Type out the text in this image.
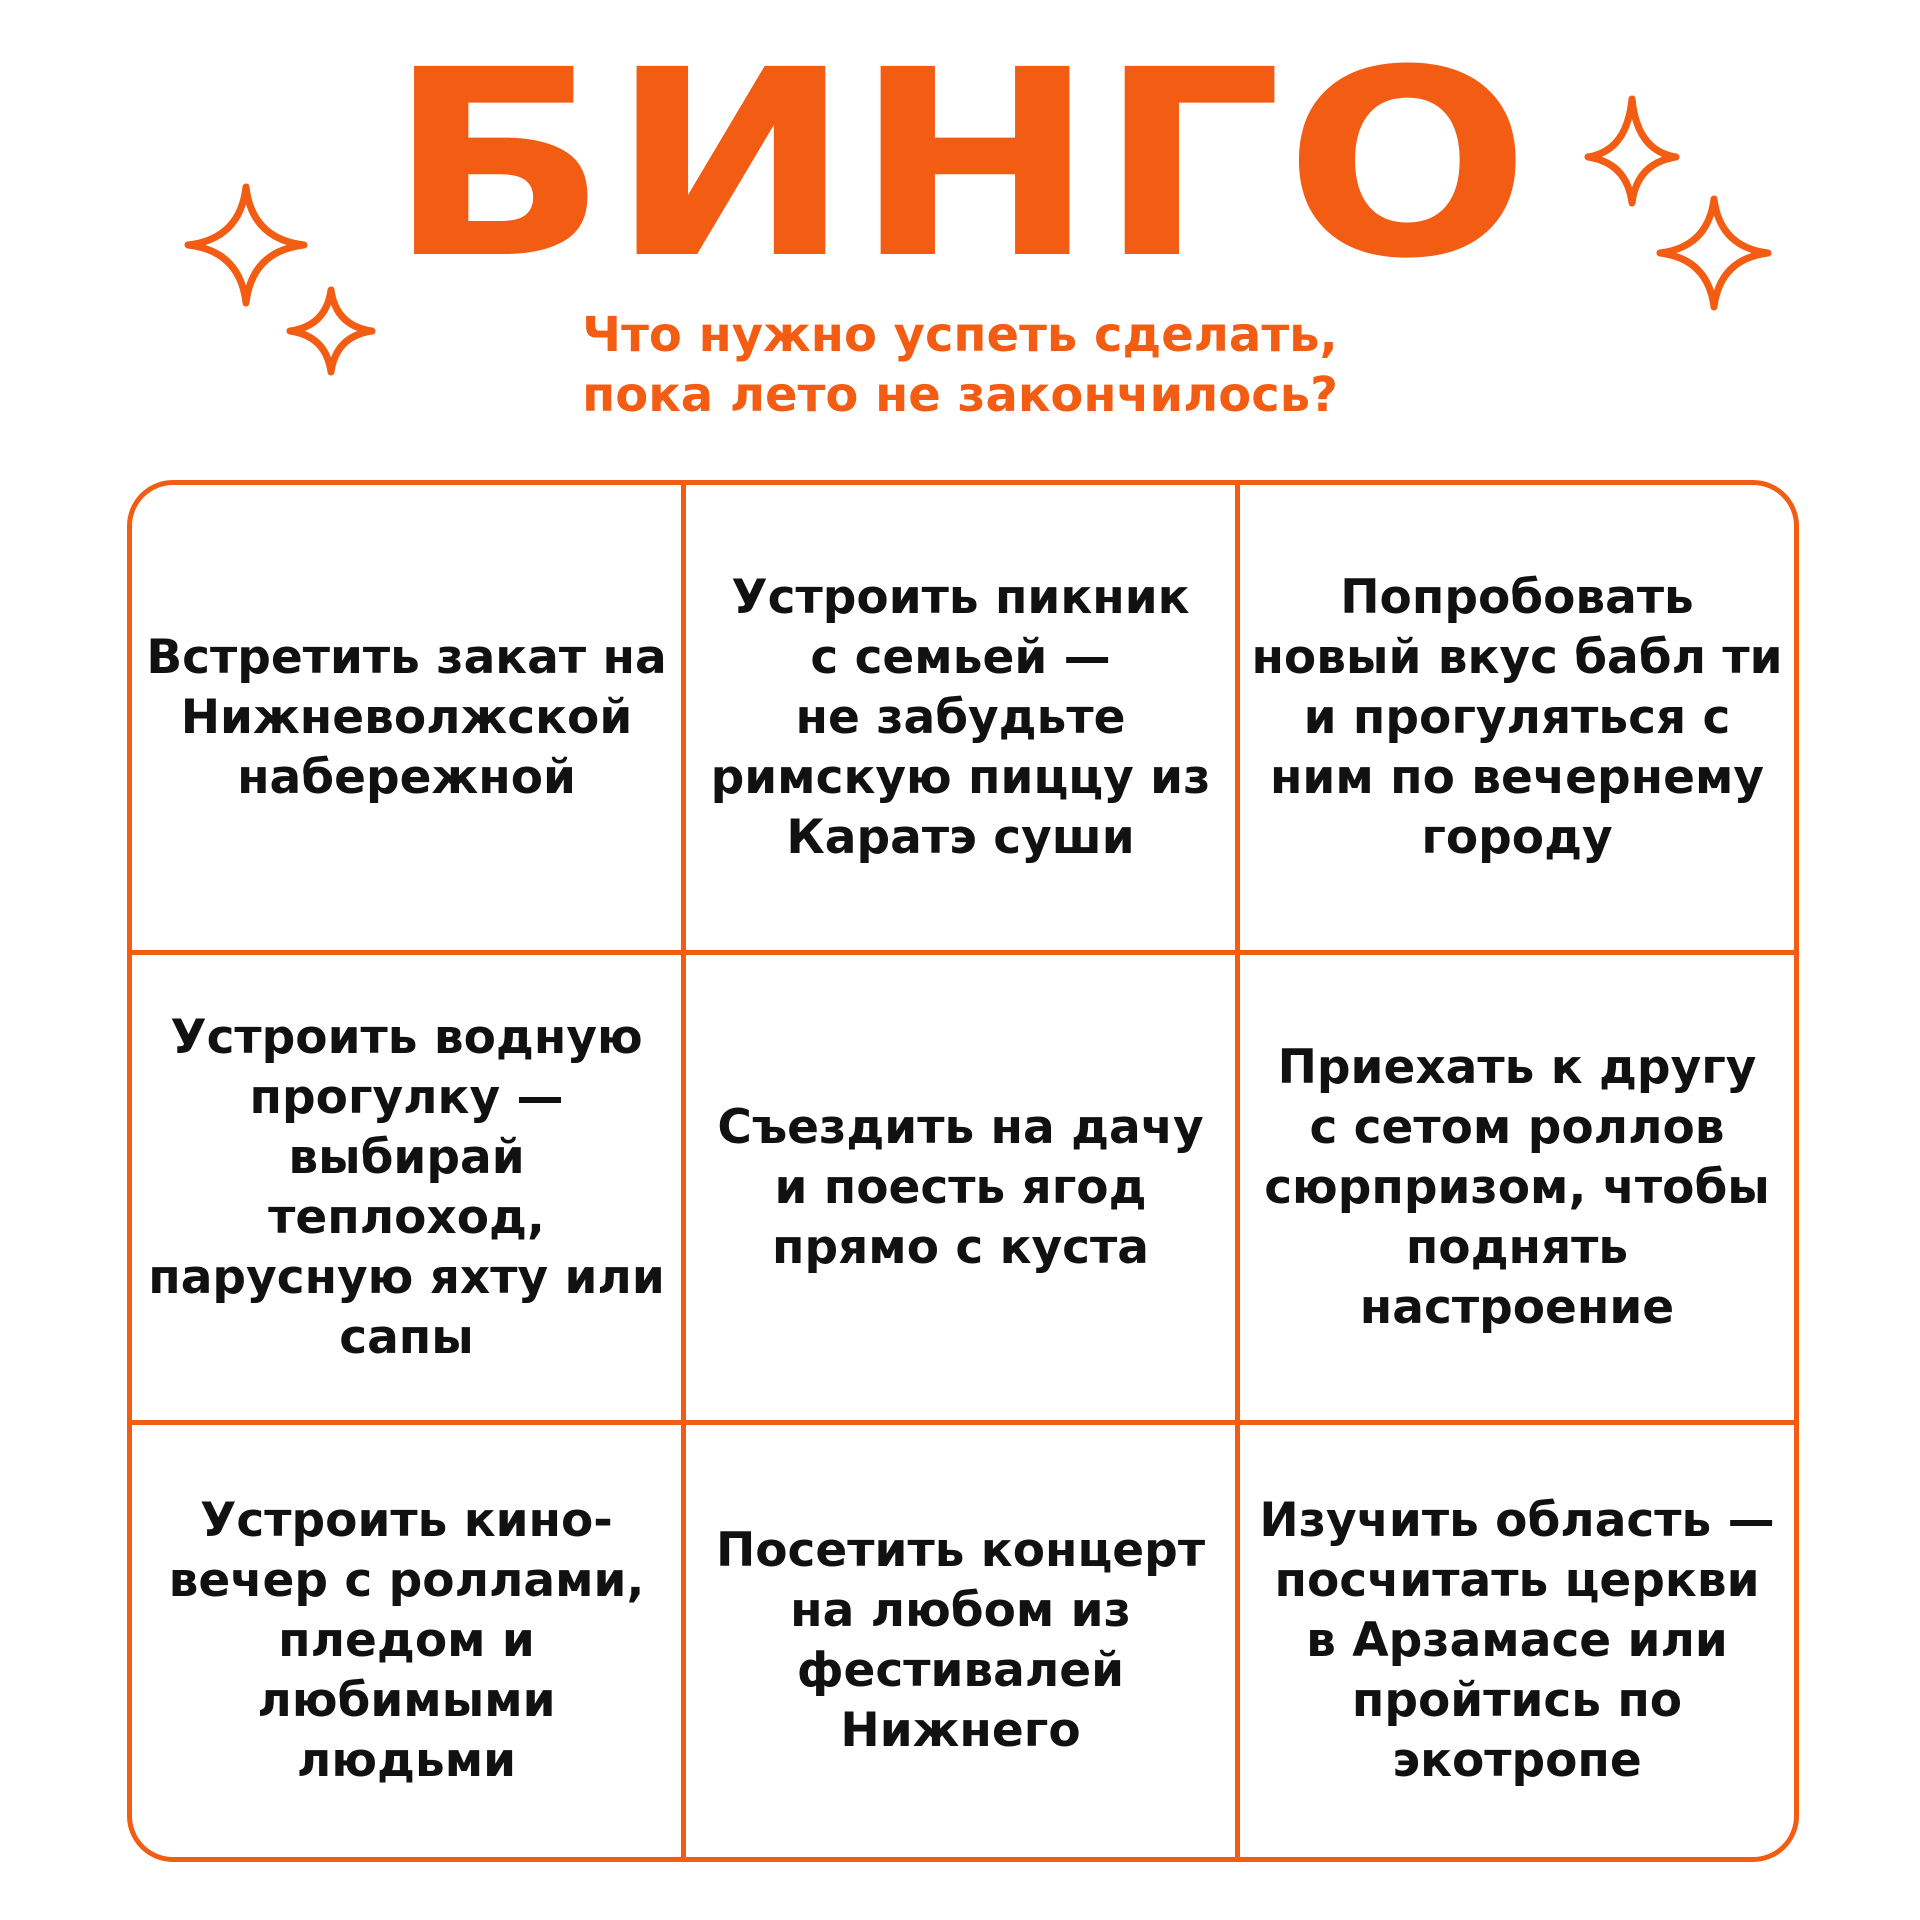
БИНГО
Что нужно успеть сделать,
пока лето не закончилось?
Встретить закат на
Нижневолжской
набережной
Устроить пикник
с семьей —
не забудьте
римскую пиццу из
Каратэ суши
Попробовать
новый вкус бабл ти
и прогуляться с
ним по вечернему
городу
Устроить водную
прогулку —
выбирай теплоход,
парусную яхту или
сапы
Съездить на дачу
и поесть ягод
прямо с куста
Приехать к другу
с сетом роллов
сюрпризом, чтобы
поднять
настроение
Устроить кино-
вечер с роллами,
пледом и
любимыми
людьми
Посетить концерт
на любом из
фестивалей
Нижнего
Изучить область —
посчитать церкви
в Арзамасе или
пройтись по
экотропе
